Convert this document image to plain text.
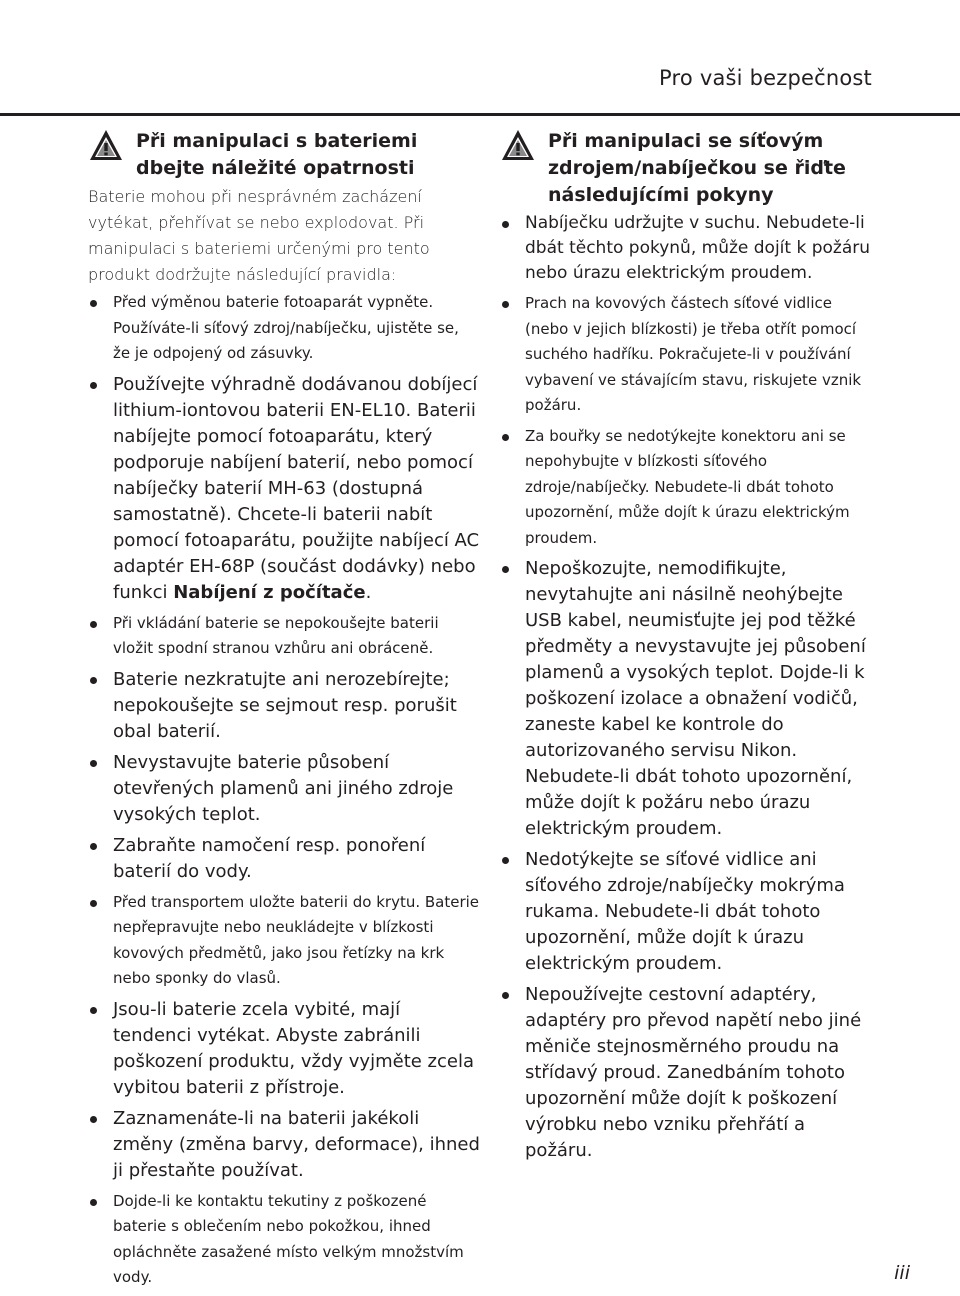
Pro vaši bezpečnost
Při manipulaci s bateriemi dbejte náležité opatrnosti

Baterie mohou při nesprávném zacházení vytékat, přehřívat se nebo explodovat. Při manipulaci s bateriemi určenými pro tento produkt dodržujte následující pravidla:

Před výměnou baterie fotoaparát vypněte. Používáte-li síťový zdroj/nabíječku, ujistěte se, že je odpojený od zásuvky.
Používejte výhradně dodávanou dobíjecí lithium-iontovou baterii EN-EL10. Baterii nabíjejte pomocí fotoaparátu, který podporuje nabíjení baterií, nebo pomocí nabíječky baterií MH-63 (dostupná samostatně). Chcete-li baterii nabít pomocí fotoaparátu, použijte nabíjecí AC adaptér EH-68P (součást dodávky) nebo funkci Nabíjení z počítače.
Při vkládání baterie se nepokoušejte baterii vložit spodní stranou vzhůru ani obráceně.
Baterie nezkratujte ani nerozebírejte; nepokoušejte se sejmout resp. porušit obal baterií.
Nevystavujte baterie působení otevřených plamenů ani jiného zdroje vysokých teplot.
Zabraňte namočení resp. ponoření baterií do vody.
Před transportem uložte baterii do krytu. Baterie nepřepravujte nebo neukládejte v blízkosti kovových předmětů, jako jsou řetízky na krk nebo sponky do vlasů.
Jsou-li baterie zcela vybité, mají tendenci vytékat. Abyste zabránili poškození produktu, vždy vyjměte zcela vybitou baterii z přístroje.
Zaznamenáte-li na baterii jakékoli změny (změna barvy, deformace), ihned ji přestaňte používat.
Dojde-li ke kontaktu tekutiny z poškozené baterie s oblečením nebo pokožkou, ihned opláchněte zasažené místo velkým množstvím vody.
Při manipulaci se síťovým zdrojem/nabíječkou se řiďte následujícími pokyny
Nabíječku udržujte v suchu. Nebudete-li dbát těchto pokynů, může dojít k požáru nebo úrazu elektrickým proudem.
Prach na kovových částech síťové vidlice (nebo v jejich blízkosti) je třeba otřít pomocí suchého hadříku. Pokračujete-li v používání vybavení ve stávajícím stavu, riskujete vznik požáru.
Za bouřky se nedotýkejte konektoru ani se nepohybujte v blízkosti síťového zdroje/nabíječky. Nebudete-li dbát tohoto upozornění, může dojít k úrazu elektrickým proudem.
Nepoškozujte, nemodifikujte, nevytahujte ani násilně neohýbejte USB kabel, neumisťujte jej pod těžké předměty a nevystavujte jej působení plamenů a vysokých teplot. Dojde-li k poškození izolace a obnažení vodičů, zaneste kabel ke kontrole do autorizovaného servisu Nikon. Nebudete-li dbát tohoto upozornění, může dojít k požáru nebo úrazu elektrickým proudem.
Nedotýkejte se síťové vidlice ani síťového zdroje/nabíječky mokrýma rukama. Nebudete-li dbát tohoto upozornění, může dojít k úrazu elektrickým proudem.
Nepoužívejte cestovní adaptéry, adaptéry pro převod napětí nebo jiné měniče stejnosměrného proudu na střídavý proud. Zanedbáním tohoto upozornění může dojít k poškození výrobku nebo vzniku přehřátí a požáru.
iii
